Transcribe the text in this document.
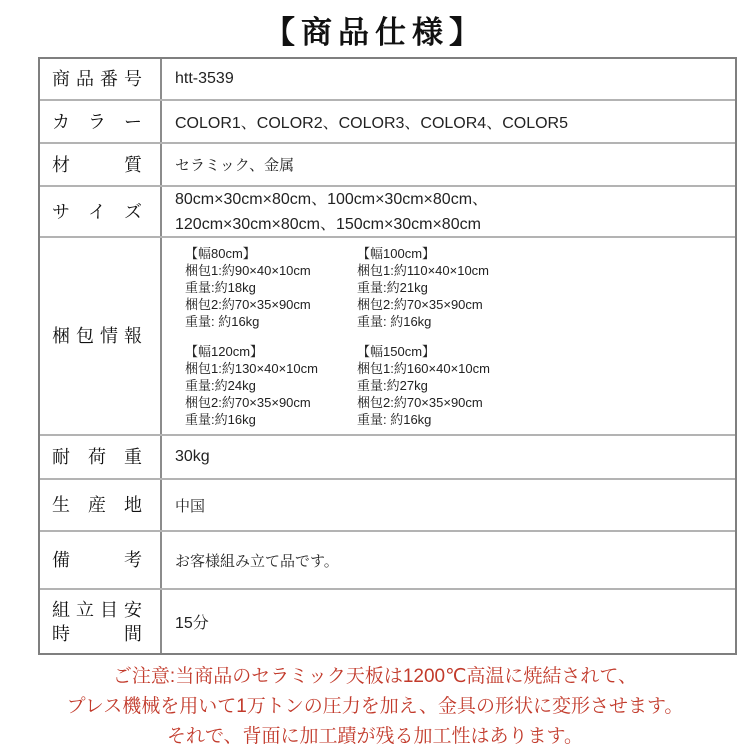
【商品仕様】
商 品 番 号 htt-3539
カ ラ ー COLOR1、COLOR2、COLOR3、COLOR4、COLOR5
材	質 セラミック、金属
サ イ ズ
80cm×30cm×80cm、100cm×30cm×80cm、
120cm×30cm×80cm、150cm×30cm×80cm
梱 包 情 報
【幅80cm】
梱包1:約90×40×10cm
重量:約18kg
梱包2:約70×35×90cm
重量: 約16kg
【幅100cm】
梱包1:約110×40×10cm
重量:約21kg
梱包2:約70×35×90cm
重量: 約16kg
【幅120cm】
梱包1:約130×40×10cm
重量:約24kg
梱包2:約70×35×90cm
重量:約16kg
【幅150cm】
梱包1:約160×40×10cm
重量:約27kg
梱包2:約70×35×90cm
重量: 約16kg
耐 荷 重 30kg
生 産 地 中国
備	考 お客様組み立て品です。
組 立 目 安
時	間 15分
ご注意:当商品のセラミック天板は1200℃高温に焼結されて、
プレス機械を用いて1万トンの圧力を加え、金具の形状に変形させます。
それで、背面に加工蹟が残る加工性はあります。
